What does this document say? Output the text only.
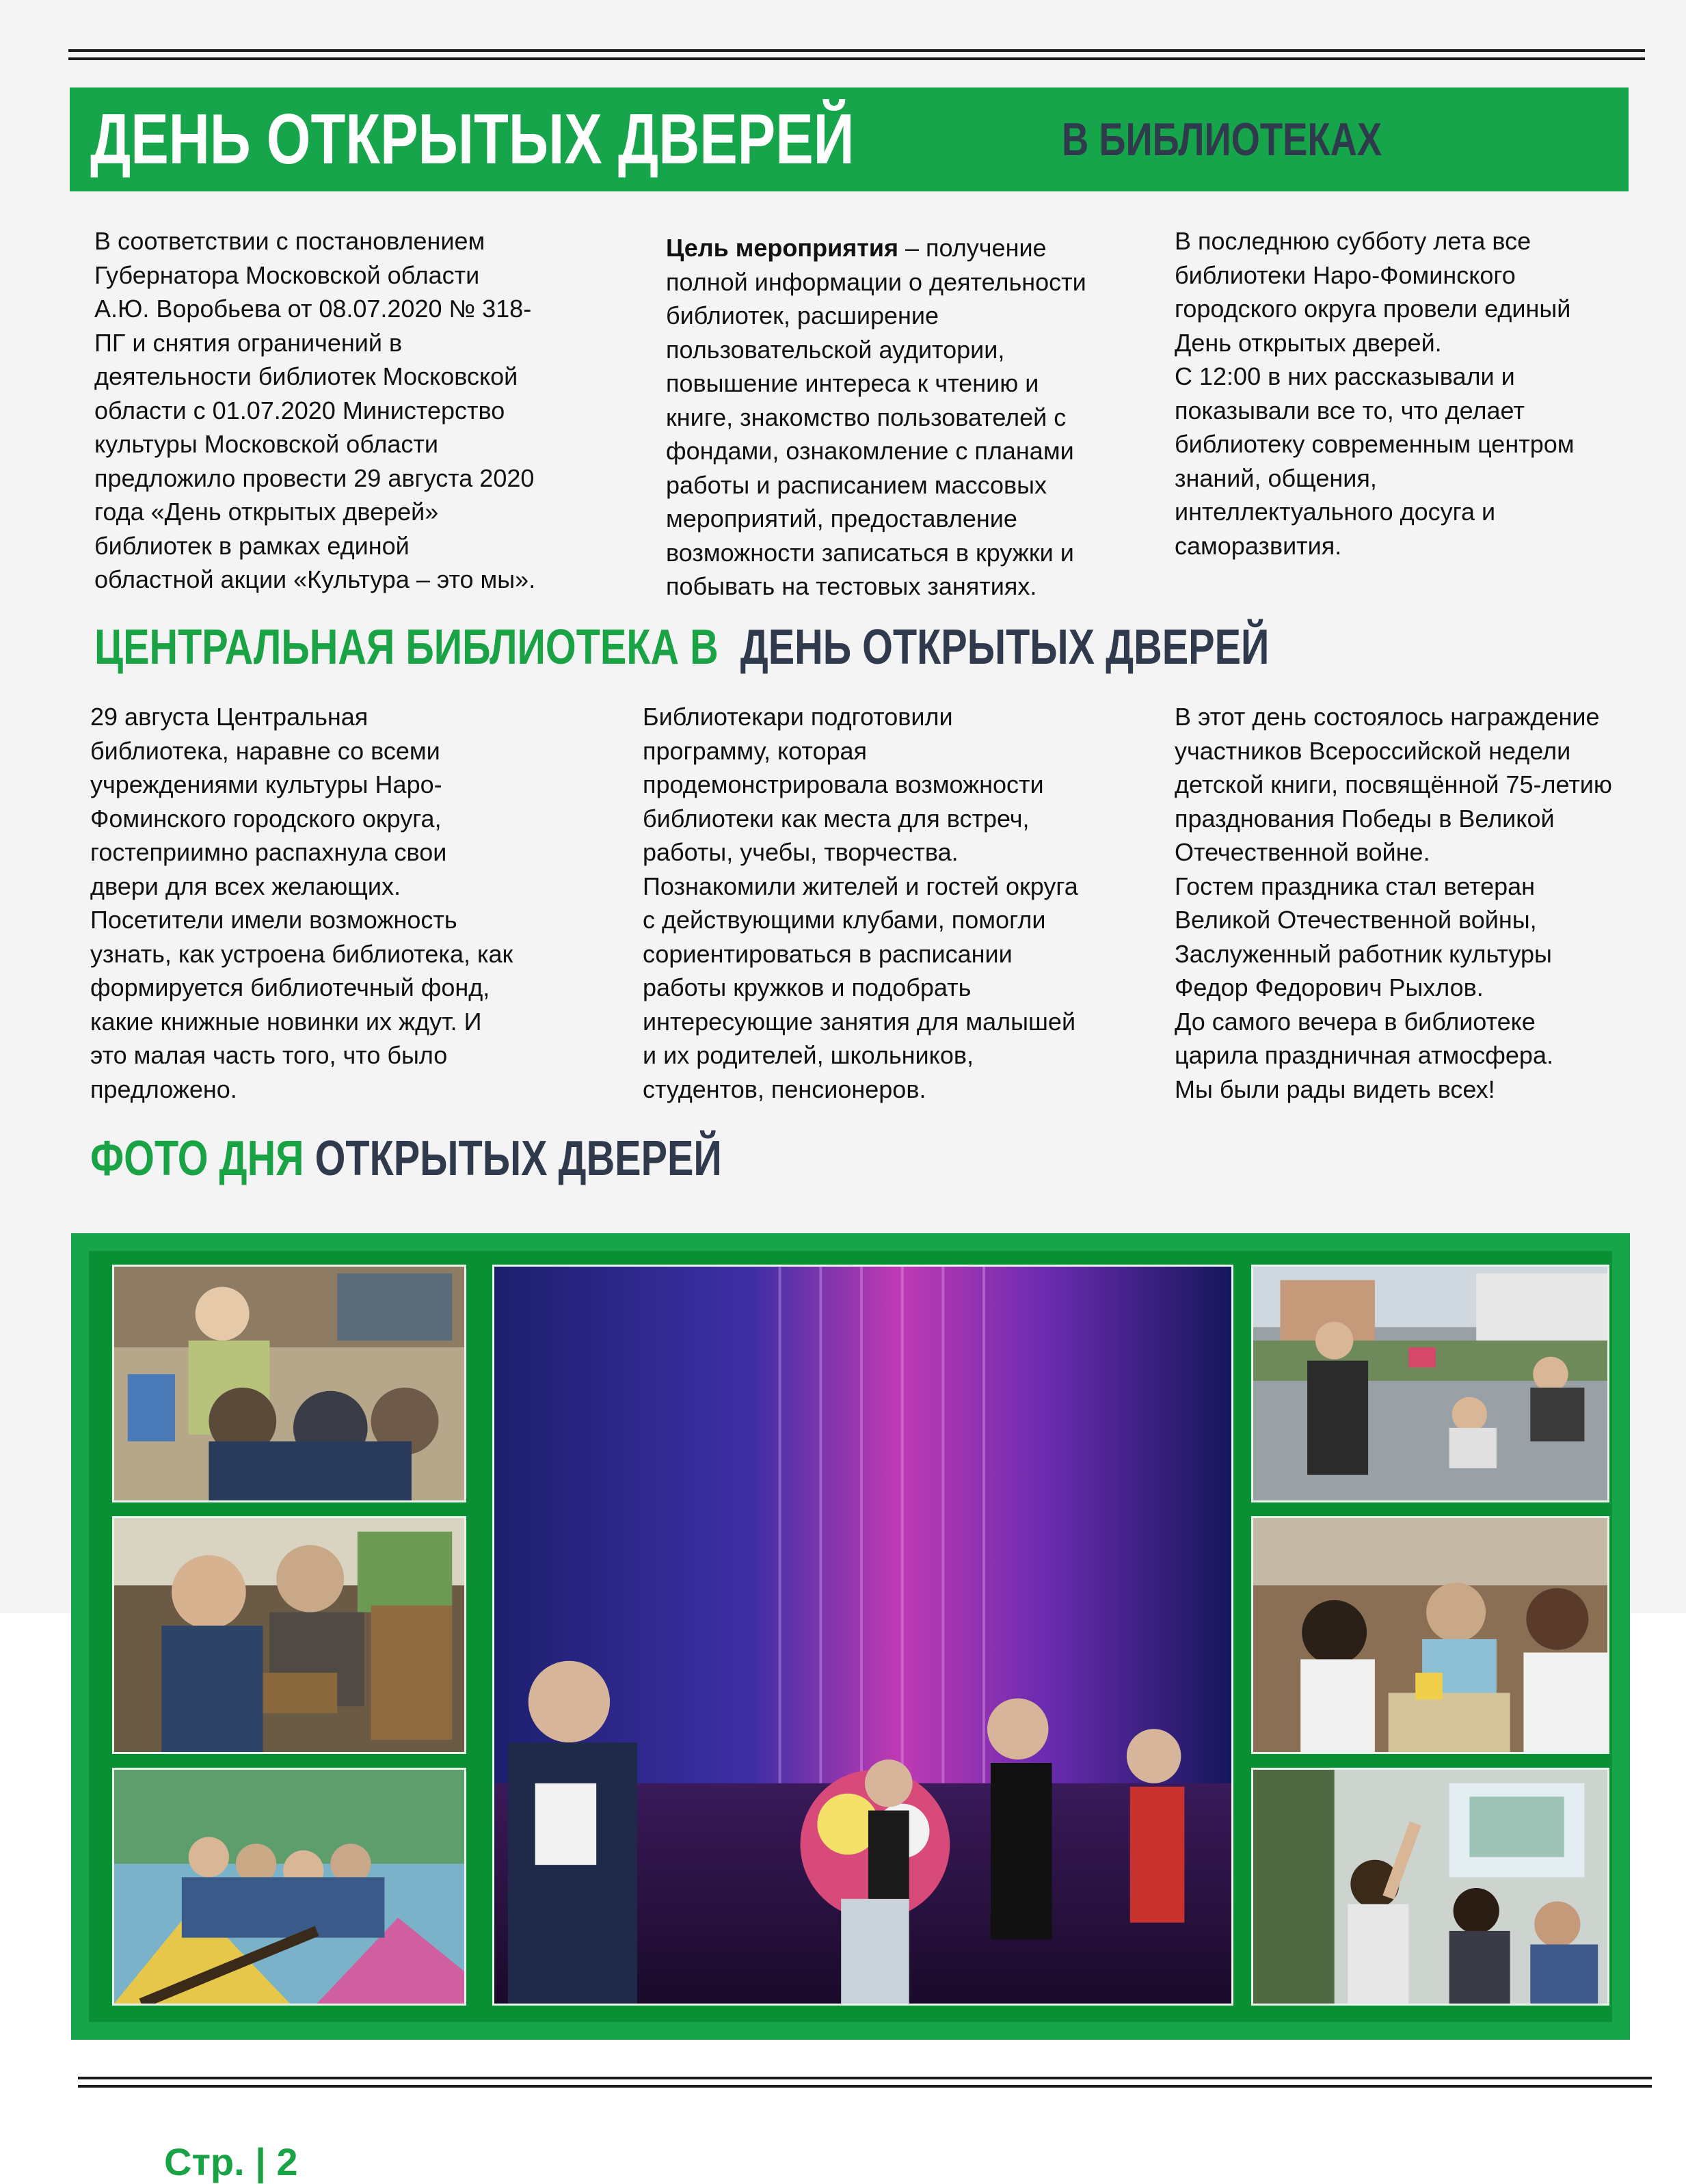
ДЕНЬ ОТКРЫТЫХ ДВЕРЕЙ	В БИБЛИОТЕКАХ
В соответствии с постановлением
Губернатора Московской области
А.Ю. Воробьева от 08.07.2020 № 318-
ПГ и снятия ограничений в
деятельности библиотек Московской
области с 01.07.2020 Министерство
культуры Московской области
предложило провести 29 августа 2020
года «День открытых дверей»
библиотек в рамках единой
областной акции «Культура – это мы».
Цель мероприятия – получение
полной информации о деятельности
библиотек, расширение
пользовательской аудитории,
повышение интереса к чтению и
книге, знакомство пользователей с
фондами, ознакомление с планами
работы и расписанием массовых
мероприятий, предоставление
возможности записаться в кружки и
побывать на тестовых занятиях.
В последнюю субботу лета все
библиотеки Наро-Фоминского
городского округа провели единый
День открытых дверей.
С 12:00 в них рассказывали и
показывали все то, что делает
библиотеку современным центром
знаний, общения,
интеллектуального досуга и
саморазвития.
ЦЕНТРАЛЬНАЯ БИБЛИОТЕКА В ДЕНЬ ОТКРЫТЫХ ДВЕРЕЙ
29 августа Центральная
библиотека, наравне со всеми
учреждениями культуры Наро-
Фоминского городского округа,
гостеприимно распахнула свои
двери для всех желающих.
Посетители имели возможность
узнать, как устроена библиотека, как
формируется библиотечный фонд,
какие книжные новинки их ждут. И
это малая часть того, что было
предложено.
Библиотекари подготовили
программу, которая
продемонстрировала возможности
библиотеки как места для встреч,
работы, учебы, творчества.
Познакомили жителей и гостей округа
с действующими клубами, помогли
сориентироваться в расписании
работы кружков и подобрать
интересующие занятия для малышей
и их родителей, школьников,
студентов, пенсионеров.
В этот день состоялось награждение
участников Всероссийской недели
детской книги, посвящённой 75-летию
празднования Победы в Великой
Отечественной войне.
Гостем праздника стал ветеран
Великой Отечественной войны,
Заслуженный работник культуры
Федор Федорович Рыхлов.
До самого вечера в библиотеке
царила праздничная атмосфера.
Мы были рады видеть всех!
ФОТО ДНЯ ОТКРЫТЫХ ДВЕРЕЙ
Стр. | 2
